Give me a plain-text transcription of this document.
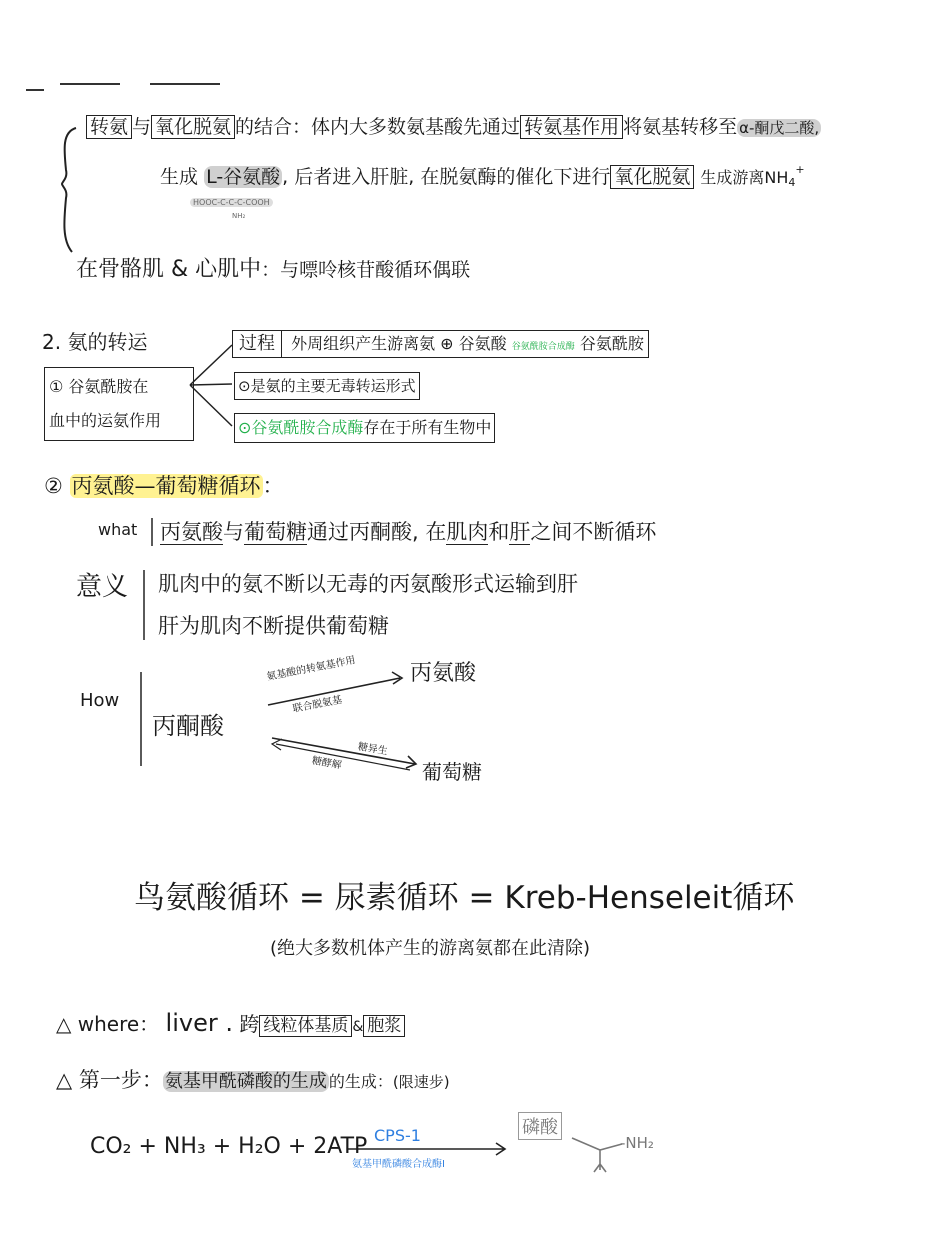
转氨 与 氧化脱氨 的结合：体内大多数氨基酸先通过 转氨基作用 将氨基转移至 α-酮戊二酸,
生成 L-谷氨酸 , 后者进入肝脏, 在脱氨酶的催化下进行 氧化脱氨 生成游离NH4+
HOOC-C-C-C-COOH
NH₂
在骨骼肌 & 心肌中：与嘌呤核苷酸循环偶联
2. 氨的转运
① 谷氨酰胺在
血中的运氨作用
过程 外周组织产生游离氨 ⊕ 谷氨酸 谷氨酰胺合成酶 谷氨酰胺
⊙是氨的主要无毒转运形式
⊙谷氨酰胺合成酶存在于所有生物中
② 丙氨酸—葡萄糖循环：
what 丙氨酸与葡萄糖通过丙酮酸, 在肌肉和肝之间不断循环
意义 肌肉中的氨不断以无毒的丙氨酸形式运输到肝
肝为肌肉不断提供葡萄糖
How
丙酮酸
氨基酸的转氨基作用
联合脱氨基
丙氨酸
糖异生
糖酵解	葡萄糖
鸟氨酸循环 = 尿素循环 = Kreb-Henseleit循环
(绝大多数机体产生的游离氨都在此清除)
△ where： liver . 跨 线粒体基质 & 胞浆
△ 第一步： 氨基甲酰磷酸的生成 的生成：(限速步)
CO₂ + NH₃ + H₂O + 2ATP CPS-1
氨基甲酰磷酸合成酶Ⅰ
磷酸
-NH₂
